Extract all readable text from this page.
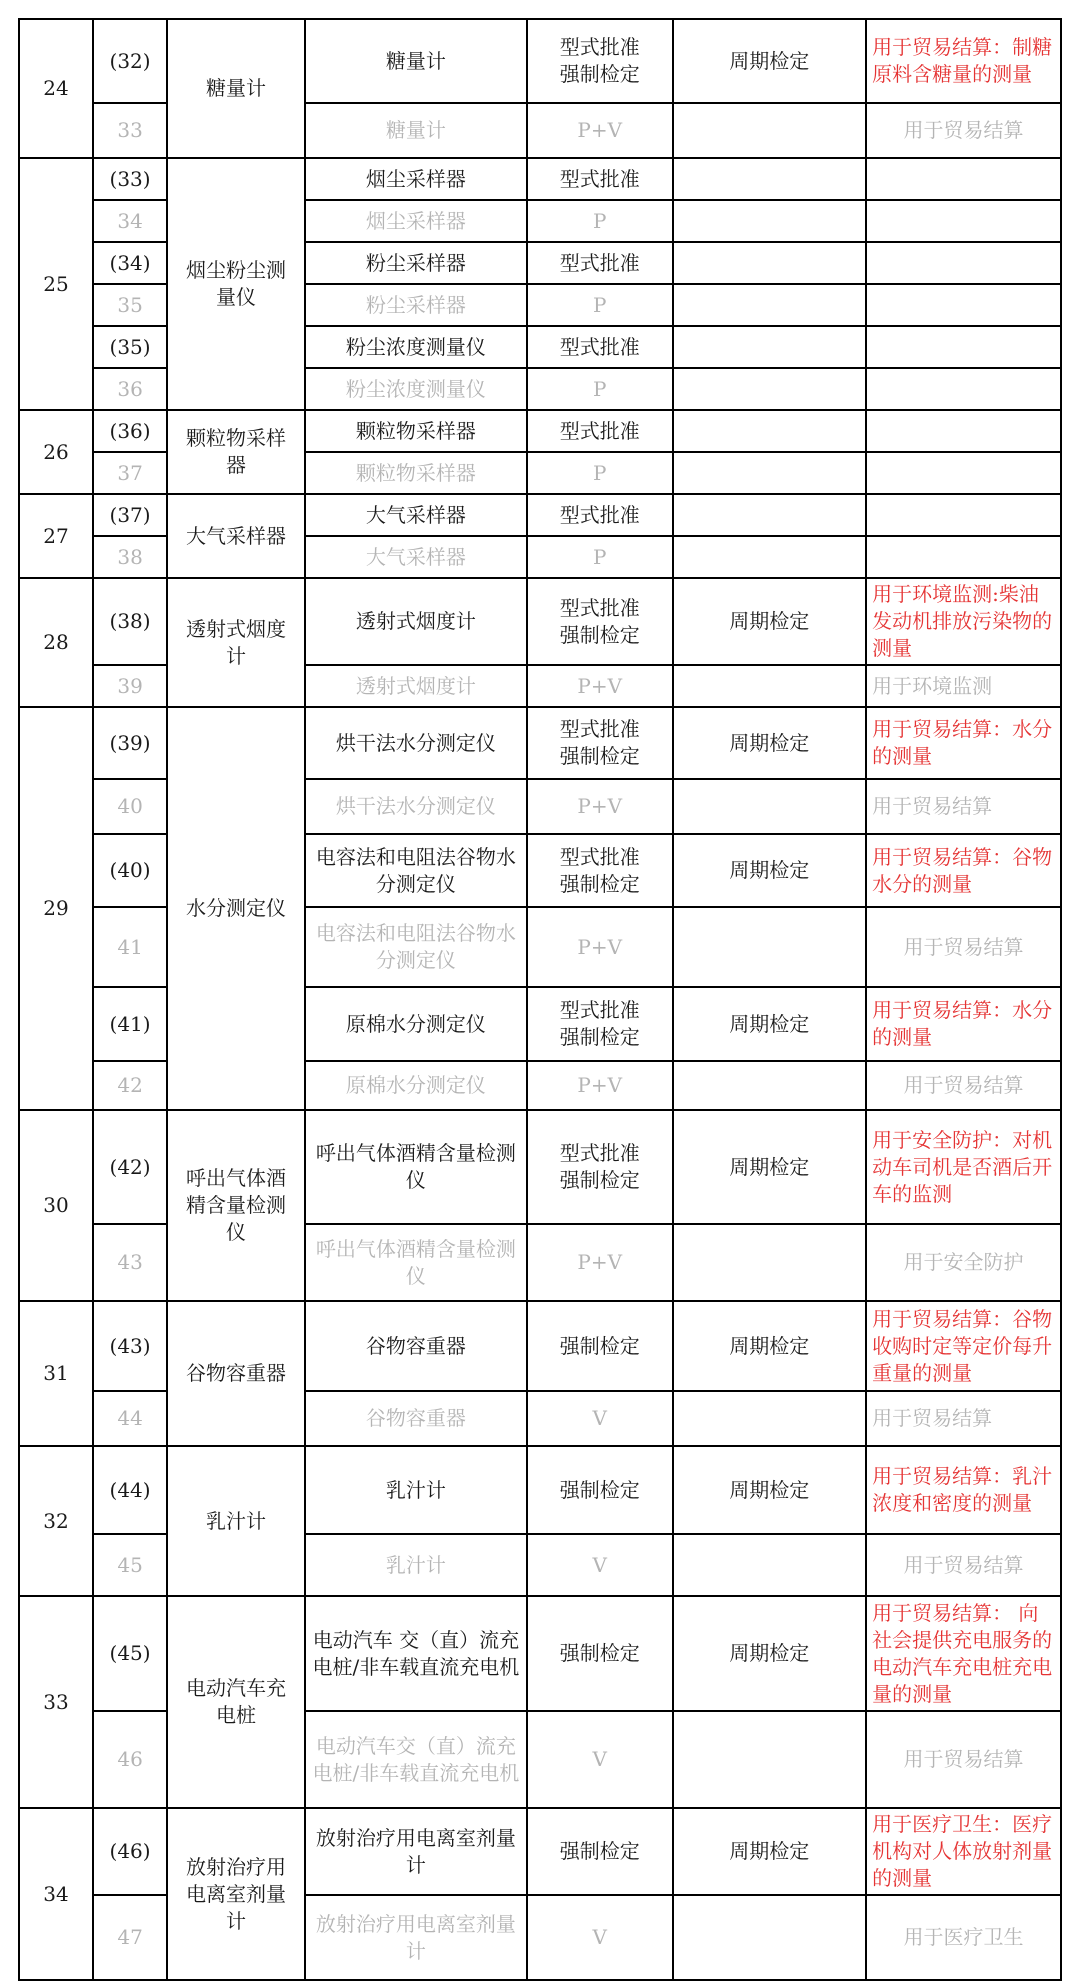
24	(32)	糖量计	糖量计	型式批准
强制检定	周期检定	用于贸易结算：制糖原料含糖量的测量
	33		糖量计	P+V		用于贸易结算
25	(33)	烟尘粉尘测量仪	烟尘采样器	型式批准		
	34		烟尘采样器	P		
	(34)		粉尘采样器	型式批准		
	35		粉尘采样器	P		
	(35)		粉尘浓度测量仪	型式批准		
	36		粉尘浓度测量仪	P		
26	(36)	颗粒物采样器	颗粒物采样器	型式批准		
	37		颗粒物采样器	P		
27	(37)	大气采样器	大气采样器	型式批准		
	38		大气采样器	P		
28	(38)	透射式烟度计	透射式烟度计	型式批准
强制检定	周期检定	用于环境监测:柴油发动机排放污染物的测量
	39		透射式烟度计	P+V		用于环境监测
29	(39)	水分测定仪	烘干法水分测定仪	型式批准
强制检定	周期检定	用于贸易结算：水分的测量
	40		烘干法水分测定仪	P+V		用于贸易结算
	(40)		电容法和电阻法谷物水分测定仪	型式批准
强制检定	周期检定	用于贸易结算：谷物水分的测量
	41		电容法和电阻法谷物水分测定仪	P+V		用于贸易结算
	(41)		原棉水分测定仪	型式批准
强制检定	周期检定	用于贸易结算：水分的测量
	42		原棉水分测定仪	P+V		用于贸易结算
30	(42)	呼出气体酒精含量检测仪	呼出气体酒精含量检测仪	型式批准
强制检定	周期检定	用于安全防护：对机动车司机是否酒后开车的监测
	43		呼出气体酒精含量检测仪	P+V		用于安全防护
31	(43)	谷物容重器	谷物容重器	强制检定	周期检定	用于贸易结算：谷物收购时定等定价每升重量的测量
	44		谷物容重器	V		用于贸易结算
32	(44)	乳汁计	乳汁计	强制检定	周期检定	用于贸易结算：乳汁浓度和密度的测量
	45		乳汁计	V		用于贸易结算
33	(45)	电动汽车充电桩	电动汽车 交（直）流充电桩/非车载直流充电机	强制检定	周期检定	用于贸易结算： 向社会提供充电服务的电动汽车充电桩充电量的测量
	46		电动汽车交（直）流充电桩/非车载直流充电机	V		用于贸易结算
34	(46)	放射治疗用电离室剂量计	放射治疗用电离室剂量计	强制检定	周期检定	用于医疗卫生：医疗机构对人体放射剂量的测量
	47		放射治疗用电离室剂量计	V		用于医疗卫生
